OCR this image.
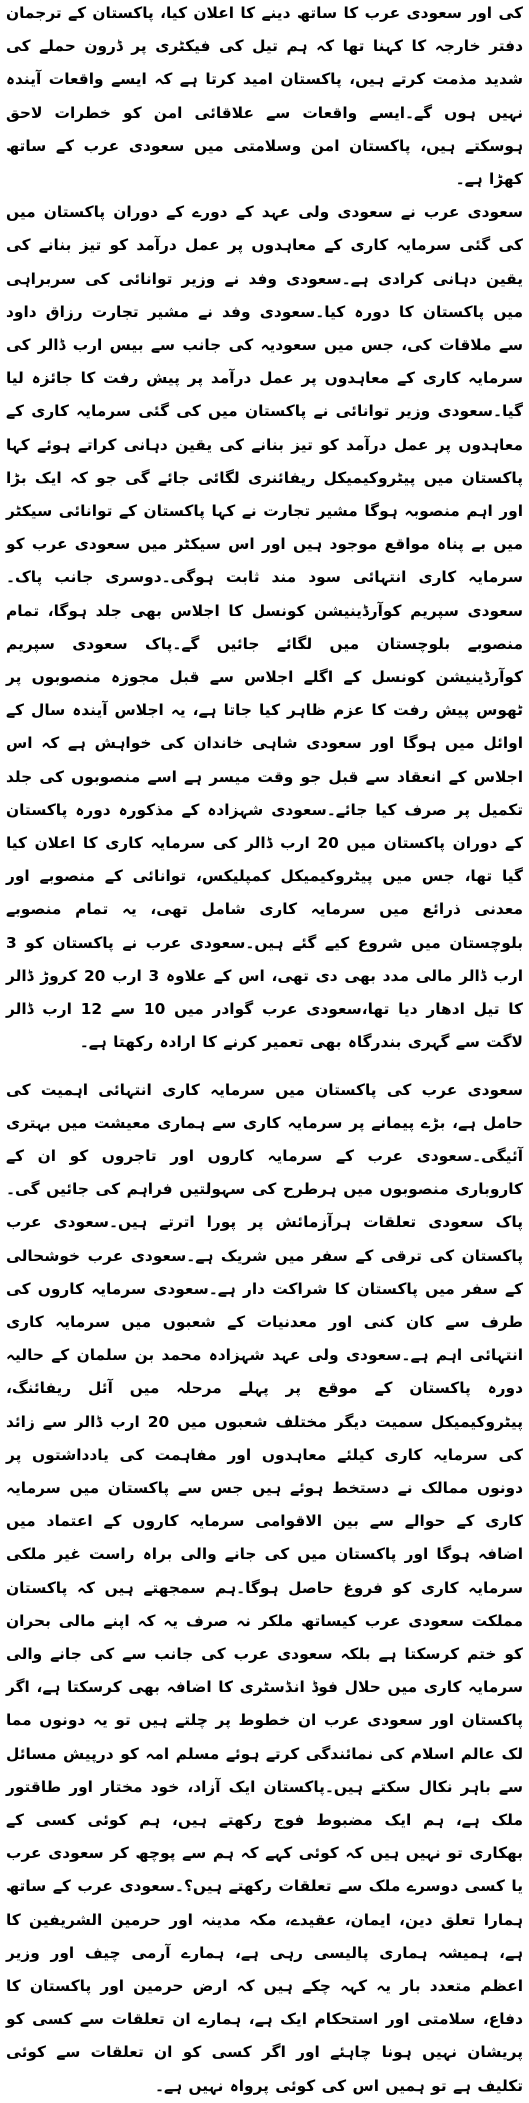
کی اور سعودی عرب کا ساتھ دینے کا اعلان کیا، پاکستان کے ترجمان دفتر خارجہ کا کہنا تھا کہ ہم تیل کی فیکٹری پر ڈرون حملے کی شدید مذمت کرتے ہیں، پاکستان امید کرتا ہے کہ ایسے واقعات آیندہ نہیں ہوں گے۔ایسے واقعات سے علاقائی امن کو خطرات لاحق ہوسکتے ہیں، پاکستان امن وسلامتی میں سعودی عرب کے ساتھ کھڑا ہے۔

سعودی عرب نے سعودی ولی عہد کے دورے کے دوران پاکستان میں کی گئی سرمایہ کاری کے معاہدوں پر عمل درآمد کو تیز بنانے کی یقین دہانی کرادی ہے۔سعودی وفد نے وزیر توانائی کی سربراہی میں پاکستان کا دورہ کیا۔سعودی وفد نے مشیر تجارت رزاق داود سے ملاقات کی، جس میں سعودیہ کی جانب سے بیس ارب ڈالر کی سرمایہ کاری کے معاہدوں پر عمل درآمد پر پیش رفت کا جائزہ لیا گیا۔سعودی وزیر توانائی نے پاکستان میں کی گئی سرمایہ کاری کے معاہدوں پر عمل درآمد کو تیز بنانے کی یقین دہانی کراتے ہوئے کہا پاکستان میں پیٹروکیمیکل ریفائنری لگائی جائے گی جو کہ ایک بڑا اور اہم منصوبہ ہوگا مشیر تجارت نے کہا پاکستان کے توانائی سیکٹر میں بے پناہ مواقع موجود ہیں اور اس سیکٹر میں سعودی عرب کو سرمایہ کاری انتہائی سود مند ثابت ہوگی۔دوسری جانب پاک۔سعودی سپریم کوآرڈینیشن کونسل کا اجلاس بھی جلد ہوگا، تمام منصوبے بلوچستان میں لگائے جائیں گے۔پاک سعودی سپریم کوآرڈینیشن کونسل کے اگلے اجلاس سے قبل مجوزہ منصوبوں پر ٹھوس پیش رفت کا عزم ظاہر کیا جاتا ہے، یہ اجلاس آیندہ سال کے اوائل میں ہوگا اور سعودی شاہی خاندان کی خواہش ہے کہ اس اجلاس کے انعقاد سے قبل جو وقت میسر ہے اسے منصوبوں کی جلد تکمیل پر صرف کیا جائے۔سعودی شہزادہ کے مذکورہ دورہ پاکستان کے دوران پاکستان میں 20 ارب ڈالر کی سرمایہ کاری کا اعلان کیا گیا تھا، جس میں پیٹروکیمیکل کمپلیکس، توانائی کے منصوبے اور معدنی ذرائع میں سرمایہ کاری شامل تھی، یہ تمام منصوبے بلوچستان میں شروع کیے گئے ہیں۔سعودی عرب نے پاکستان کو 3 ارب ڈالر مالی مدد بھی دی تھی، اس کے علاوہ 3 ارب 20 کروڑ ڈالر کا تیل ادھار دیا تھا،سعودی عرب گوادر میں 10 سے 12 ارب ڈالر لاگت سے گہری بندرگاہ بھی تعمیر کرنے کا ارادہ رکھتا ہے۔

سعودی عرب کی پاکستان میں سرمایہ کاری انتہائی اہمیت کی حامل ہے، بڑے پیمانے پر سرمایہ کاری سے ہماری معیشت میں بہتری آئیگی۔سعودی عرب کے سرمایہ کاروں اور تاجروں کو ان کے کاروباری منصوبوں میں ہرطرح کی سہولتیں فراہم کی جائیں گی۔پاک سعودی تعلقات ہرآزمائش پر پورا اترتے ہیں۔سعودی عرب پاکستان کی ترقی کے سفر میں شریک ہے۔سعودی عرب خوشحالی کے سفر میں پاکستان کا شراکت دار ہے۔سعودی سرمایہ کاروں کی طرف سے کان کنی اور معدنیات کے شعبوں میں سرمایہ کاری انتہائی اہم ہے۔سعودی ولی عہد شہزادہ محمد بن سلمان کے حالیہ دورہ پاکستان کے موقع پر پہلے مرحلہ میں آئل ریفائنگ، پیٹروکیمیکل سمیت دیگر مختلف شعبوں میں 20 ارب ڈالر سے زائد کی سرمایہ کاری کیلئے معاہدوں اور مفاہمت کی یادداشتوں پر دونوں ممالک نے دستخط ہوئے ہیں جس سے پاکستان میں سرمایہ کاری کے حوالے سے بین الاقوامی سرمایہ کاروں کے اعتماد میں اضافہ ہوگا اور پاکستان میں کی جانے والی براہ راست غیر ملکی سرمایہ کاری کو فروغ حاصل ہوگا۔ہم سمجھتے ہیں کہ پاکستان مملکت سعودی عرب کیساتھ ملکر نہ صرف یہ کہ اپنے مالی بحران کو ختم کرسکتا ہے بلکہ سعودی عرب کی جانب سے کی جانے والی سرمایہ کاری میں حلال فوڈ انڈسٹری کا اضافہ بھی کرسکتا ہے، اگر پاکستان اور سعودی عرب ان خطوط پر چلتے ہیں تو یہ دونوں مما لک عالم اسلام کی نمائندگی کرتے ہوئے مسلم امہ کو درپیش مسائل سے باہر نکال سکتے ہیں۔پاکستان ایک آزاد، خود مختار اور طاقتور ملک ہے، ہم ایک مضبوط فوج رکھتے ہیں، ہم کوئی کسی کے بھکاری تو نہیں ہیں کہ کوئی کہے کہ ہم سے پوچھ کر سعودی عرب یا کسی دوسرے ملک سے تعلقات رکھتے ہیں؟۔سعودی عرب کے ساتھ ہمارا تعلق دین، ایمان، عقیدے، مکہ مدینہ اور حرمین الشریفین کا ہے، ہمیشہ ہماری پالیسی رہی ہے، ہمارے آرمی چیف اور وزیر اعظم متعدد بار یہ کہہ چکے ہیں کہ ارض حرمین اور پاکستان کا دفاع، سلامتی اور استحکام ایک ہے، ہمارے ان تعلقات سے کسی کو پریشان نہیں ہونا چاہئے اور اگر کسی کو ان تعلقات سے کوئی تکلیف ہے تو ہمیں اس کی کوئی پرواہ نہیں ہے۔
